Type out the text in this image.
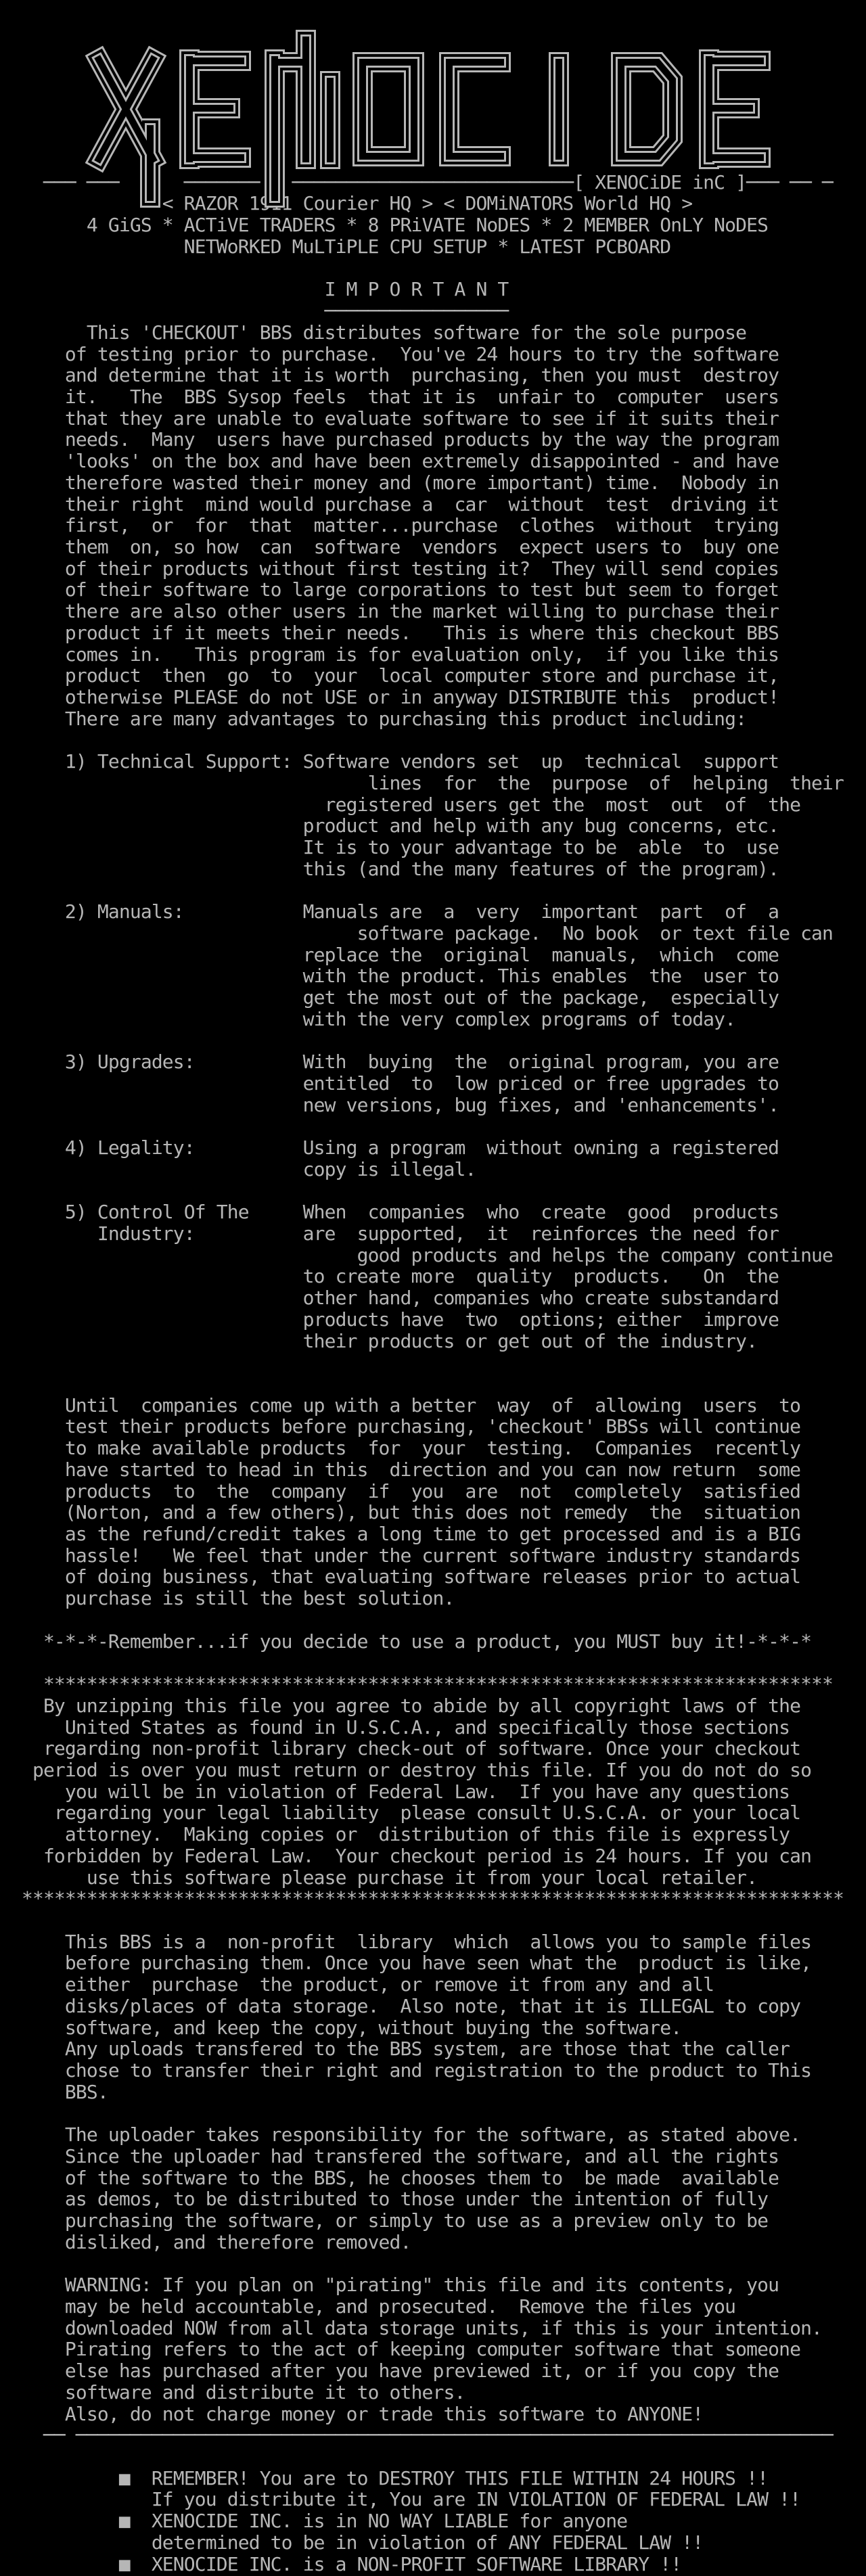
─── ───      ───────   ──────────────────────────[ XENOCiDE inC ]─── ── ─
< RAZOR 1911 Courier HQ > < DOMiNATORS World HQ >
4 GiGS * ACTiVE TRADERS * 8 PRiVATE NoDES * 2 MEMBER OnLY NoDES
NETWoRKED MuLTiPLE CPU SETUP * LATEST PCBOARD
I M P O R T A N T
─────────────────
This 'CHECKOUT' BBS distributes software for the sole purpose
of testing prior to purchase.  You've 24 hours to try the software
and determine that it is worth  purchasing, then you must  destroy
it.   The  BBS Sysop feels  that it is  unfair to  computer  users
that they are unable to evaluate software to see if it suits their
needs.  Many  users have purchased products by the way the program
'looks' on the box and have been extremely disappointed - and have
therefore wasted their money and (more important) time.  Nobody in
their right  mind would purchase a  car  without  test  driving it
first,  or  for  that  matter...purchase  clothes  without  trying
them  on, so how  can  software  vendors  expect users to  buy one
of their products without first testing it?  They will send copies
of their software to large corporations to test but seem to forget
there are also other users in the market willing to purchase their
product if it meets their needs.   This is where this checkout BBS
comes in.   This program is for evaluation only,  if you like this
product  then  go  to  your  local computer store and purchase it,
otherwise PLEASE do not USE or in anyway DISTRIBUTE this  product!
There are many advantages to purchasing this product including:
1) Technical Support: Software vendors set  up  technical  support
lines  for  the  purpose  of  helping  their
registered users get the  most  out  of  the
product and help with any bug concerns, etc.
It is to your advantage to be  able  to  use
this (and the many features of the program).
2) Manuals:           Manuals are  a  very  important  part  of  a
software package.  No book  or text file can
replace the  original  manuals,  which  come
with the product. This enables  the  user to
get the most out of the package,  especially
with the very complex programs of today.
3) Upgrades:          With  buying  the  original program, you are
entitled  to  low priced or free upgrades to
new versions, bug fixes, and 'enhancements'.
4) Legality:          Using a program  without owning a registered
copy is illegal.
5) Control Of The     When  companies  who  create  good  products
Industry:          are  supported,  it  reinforces the need for
good products and helps the company continue
to create more  quality  products.   On  the
other hand, companies who create substandard
products have  two  options; either  improve
their products or get out of the industry.
Until  companies come up with a better  way  of  allowing  users  to
test their products before purchasing, 'checkout' BBSs will continue
to make available products  for  your  testing.  Companies  recently
have started to head in this  direction and you can now return  some
products  to  the  company  if  you  are  not  completely  satisfied
(Norton, and a few others), but this does not remedy  the  situation
as the refund/credit takes a long time to get processed and is a BIG
hassle!   We feel that under the current software industry standards
of doing business, that evaluating software releases prior to actual
purchase is still the best solution.
*-*-*-Remember...if you decide to use a product, you MUST buy it!-*-*-*
*************************************************************************
By unzipping this file you agree to abide by all copyright laws of the
United States as found in U.S.C.A., and specifically those sections
regarding non-profit library check-out of software. Once your checkout
period is over you must return or destroy this file. If you do not do so
you will be in violation of Federal Law.  If you have any questions
regarding your legal liability  please consult U.S.C.A. or your local
attorney.  Making copies or  distribution of this file is expressly
forbidden by Federal Law.  Your checkout period is 24 hours. If you can
use this software please purchase it from your local retailer.
****************************************************************************
This BBS is a  non-profit  library  which  allows you to sample files
before purchasing them. Once you have seen what the  product is like,
either  purchase  the product, or remove it from any and all
disks/places of data storage.  Also note, that it is ILLEGAL to copy
software, and keep the copy, without buying the software.
Any uploads transfered to the BBS system, are those that the caller
chose to transfer their right and registration to the product to This
BBS.
The uploader takes responsibility for the software, as stated above.
Since the uploader had transfered the software, and all the rights
of the software to the BBS, he chooses them to  be made  available
as demos, to be distributed to those under the intention of fully
purchasing the software, or simply to use as a preview only to be
disliked, and therefore removed.
WARNING: If you plan on "pirating" this file and its contents, you
may be held accountable, and prosecuted.  Remove the files you
downloaded NOW from all data storage units, if this is your intention.
Pirating refers to the act of keeping computer software that someone
else has purchased after you have previewed it, or if you copy the
software and distribute it to others.
Also, do not charge money or trade this software to ANYONE!
── ──────────────────────────────────────────────────────────────────────
■  REMEMBER! You are to DESTROY THIS FILE WITHIN 24 HOURS !!
If you distribute it, You are IN VIOLATION OF FEDERAL LAW !!
■  XENOCIDE INC. is in NO WAY LIABLE for anyone
determined to be in violation of ANY FEDERAL LAW !!
■  XENOCIDE INC. is a NON-PROFIT SOFTWARE LIBRARY !!
